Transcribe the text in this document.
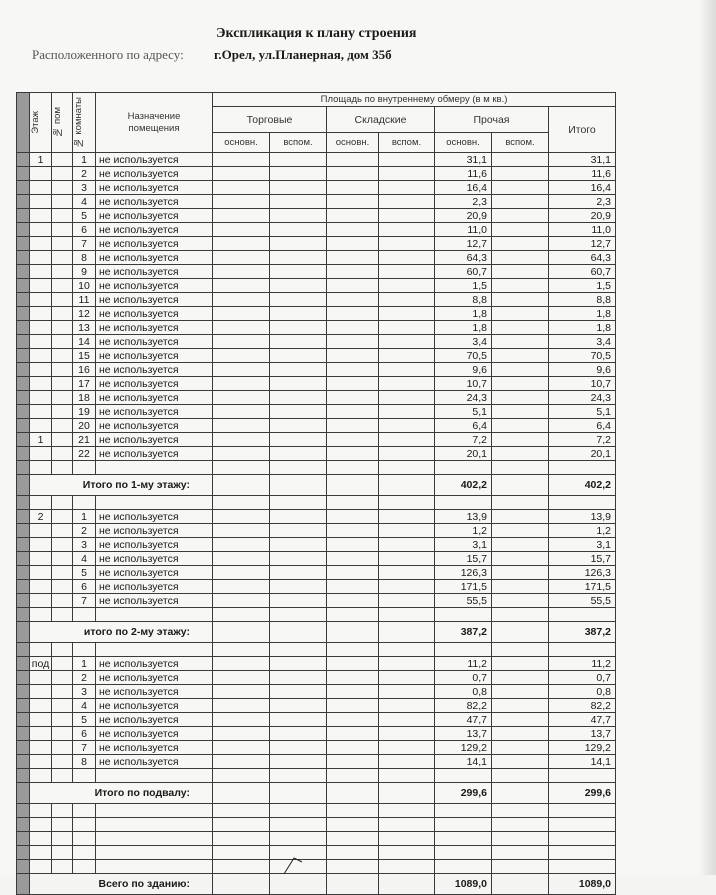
Экспликация к плану строения
Расположенного по адресу: г.Орел, ул.Планерная, дом 35б

	Этаж	№ пом	№ комнаты	Назначение помещения	Площадь по внутреннему обмеру (в м кв.)						
					Торговые		Складские		Прочая		Итого
					основн.	вспом.	основн.	вспом.	основн.	вспом.	
	1		1	не используется					31,1		31,1
			2	не используется					11,6		11,6
			3	не используется					16,4		16,4
			4	не используется					2,3		2,3
			5	не используется					20,9		20,9
			6	не используется					11,0		11,0
			7	не используется					12,7		12,7
			8	не используется					64,3		64,3
			9	не используется					60,7		60,7
			10	не используется					1,5		1,5
			11	не используется					8,8		8,8
			12	не используется					1,8		1,8
			13	не используется					1,8		1,8
			14	не используется					3,4		3,4
			15	не используется					70,5		70,5
			16	не используется					9,6		9,6
			17	не используется					10,7		10,7
			18	не используется					24,3		24,3
			19	не используется					5,1		5,1
			20	не используется					6,4		6,4
	1		21	не используется					7,2		7,2
			22	не используется					20,1		20,1

	Итого по 1-му этажу:								402,2		402,2

	2		1	не используется					13,9		13,9
			2	не используется					1,2		1,2
			3	не используется					3,1		3,1
			4	не используется					15,7		15,7
			5	не используется					126,3		126,3
			6	не используется					171,5		171,5
			7	не используется					55,5		55,5

	итого по 2-му этажу:								387,2		387,2

	под		1	не используется					11,2		11,2
			2	не используется					0,7		0,7
			3	не используется					0,8		0,8
			4	не используется					82,2		82,2
			5	не используется					47,7		47,7
			6	не используется					13,7		13,7
			7	не используется					129,2		129,2
			8	не используется					14,1		14,1

	Итого по подвалу:								299,6		299,6

	Всего по зданию:								1089,0		1089,0
